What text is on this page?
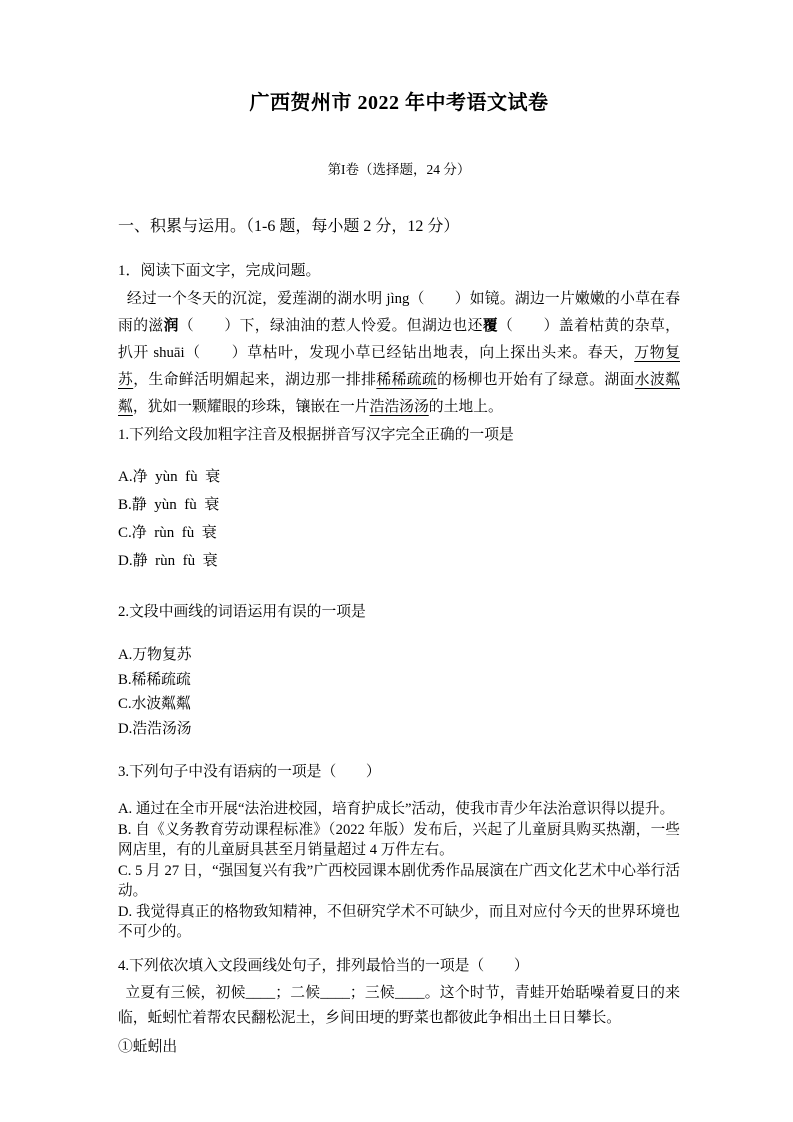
广西贺州市 2022 年中考语文试卷
第I卷（选择题，24 分）
一、积累与运用。（1-6 题，每小题 2 分，12 分）
1．阅读下面文字，完成问题。

经过一个冬天的沉淀，爱莲湖的湖水明 jìng（　　）如镜。湖边一片嫩嫩的小草在春雨的滋润（　　）下，绿油油的惹人怜爱。但湖边也还覆（　　）盖着枯黄的杂草，扒开 shuāi（　　）草枯叶，发现小草已经钻出地表，向上探出头来。春天，万物复苏，生命鲜活明媚起来，湖边那一排排稀稀疏疏的杨柳也开始有了绿意。湖面水波粼粼，犹如一颗耀眼的珍珠，镶嵌在一片浩浩汤汤的土地上。

1.下列给文段加粗字注音及根据拼音写汉字完全正确的一项是
A.净  yùn  fù  衰
B.静  yùn  fù  衰
C.净  rùn  fù  衰
D.静  rùn  fù  衰
2.文段中画线的词语运用有误的一项是
A.万物复苏
B.稀稀疏疏
C.水波粼粼
D.浩浩汤汤
3.下列句子中没有语病的一项是（　　）
A. 通过在全市开展“法治进校园，培育护成长”活动，使我市青少年法治意识得以提升。
B. 自《义务教育劳动课程标准》（2022 年版）发布后，兴起了儿童厨具购买热潮，一些网店里，有的儿童厨具甚至月销量超过 4 万件左右。
C. 5 月 27 日，“强国复兴有我”广西校园课本剧优秀作品展演在广西文化艺术中心举行活动。
D. 我觉得真正的格物致知精神，不但研究学术不可缺少，而且对应付今天的世界环境也不可少的。
4.下列依次填入文段画线处句子，排列最恰当的一项是（　　）

立夏有三候，初候____；二候____；三候____。这个时节，青蛙开始聒噪着夏日的来临，蚯蚓忙着帮农民翻松泥土，乡间田埂的野菜也都彼此争相出土日日攀长。

①蚯蚓出
